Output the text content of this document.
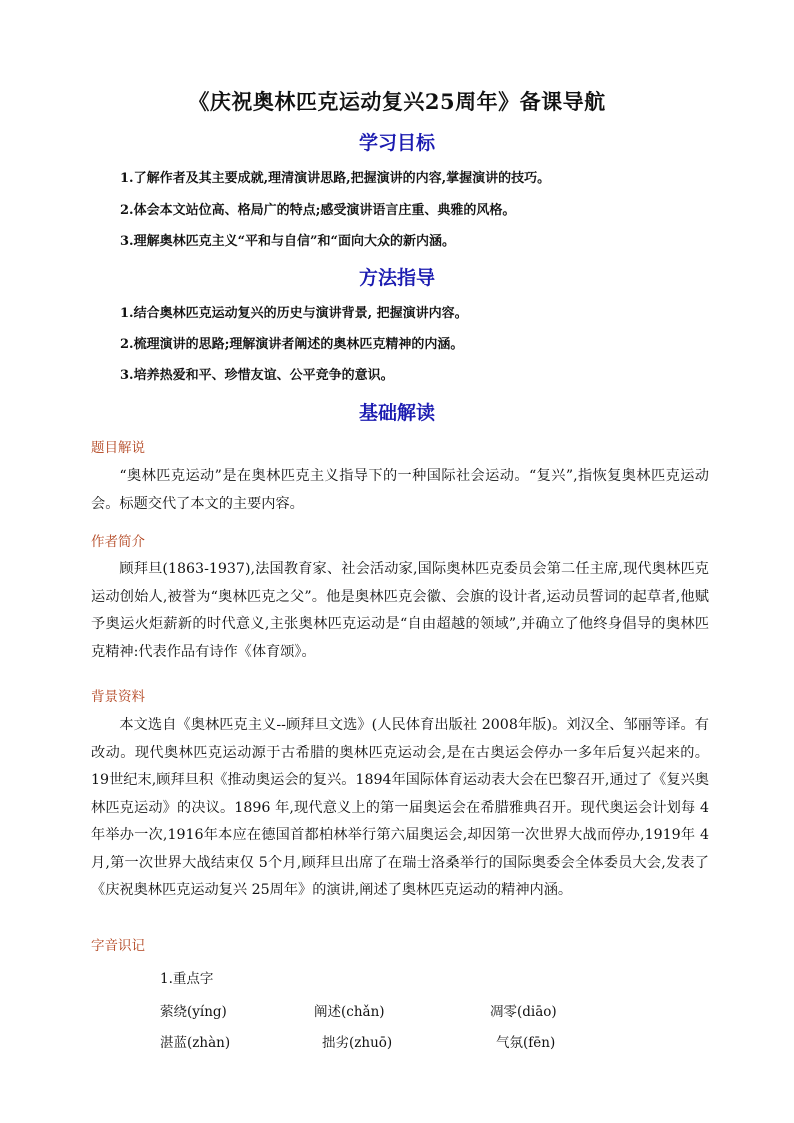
《庆祝奥林匹克运动复兴25周年》备课导航
学习目标
1.了解作者及其主要成就,理清演讲思路,把握演讲的内容,掌握演讲的技巧。
2.体会本文站位高、格局广的特点;感受演讲语言庄重、典雅的风格。
3.理解奥林匹克主义“平和与自信”和“面向大众的新内涵。
方法指导
1.结合奥林匹克运动复兴的历史与演讲背景, 把握演讲内容。
2.梳理演讲的思路;理解演讲者阐述的奥林匹克精神的内涵。
3.培养热爱和平、珍惜友谊、公平竞争的意识。
基础解读
题目解说

“奥林匹克运动”是在奥林匹克主义指导下的一种国际社会运动。“复兴”,指恢复奥林匹克运动会。标题交代了本文的主要内容。

作者简介

顾拜旦(1863-1937),法国教育家、社会活动家,国际奥林匹克委员会第二任主席,现代奥林匹克运动创始人,被誉为“奥林匹克之父”。他是奥林匹克会徽、会旗的设计者,运动员誓词的起草者,他赋予奥运火炬薪新的时代意义,主张奥林匹克运动是“自由超越的领域”,并确立了他终身倡导的奥林匹克精神:代表作品有诗作《体育颂》。

背景资料

本文选自《奥林匹克主义--顾拜旦文选》(人民体育出版社 2008年版)。刘汉全、邹丽等译。有改动。现代奥林匹克运动源于古希腊的奥林匹克运动会,是在古奥运会停办一多年后复兴起来的。19世纪末,顾拜旦积《推动奥运会的复兴。1894年国际体育运动表大会在巴黎召开,通过了《复兴奥林匹克运动》的决议。1896 年,现代意义上的第一届奥运会在希腊雅典召开。现代奥运会计划每 4年举办一次,1916年本应在德国首都柏林举行第六届奥运会,却因第一次世界大战而停办,1919年 4月,第一次世界大战结束仅 5个月,顾拜旦出席了在瑞士洛桑举行的国际奥委会全体委员大会,发表了《庆祝奥林匹克运动复兴 25周年》的演讲,阐述了奥林匹克运动的精神内涵。

字音识记
1.重点字
萦绕(yíng)	阐述(chǎn)	凋零(diāo)
湛蓝(zhàn)	拙劣(zhuō)	气氛(fēn)
